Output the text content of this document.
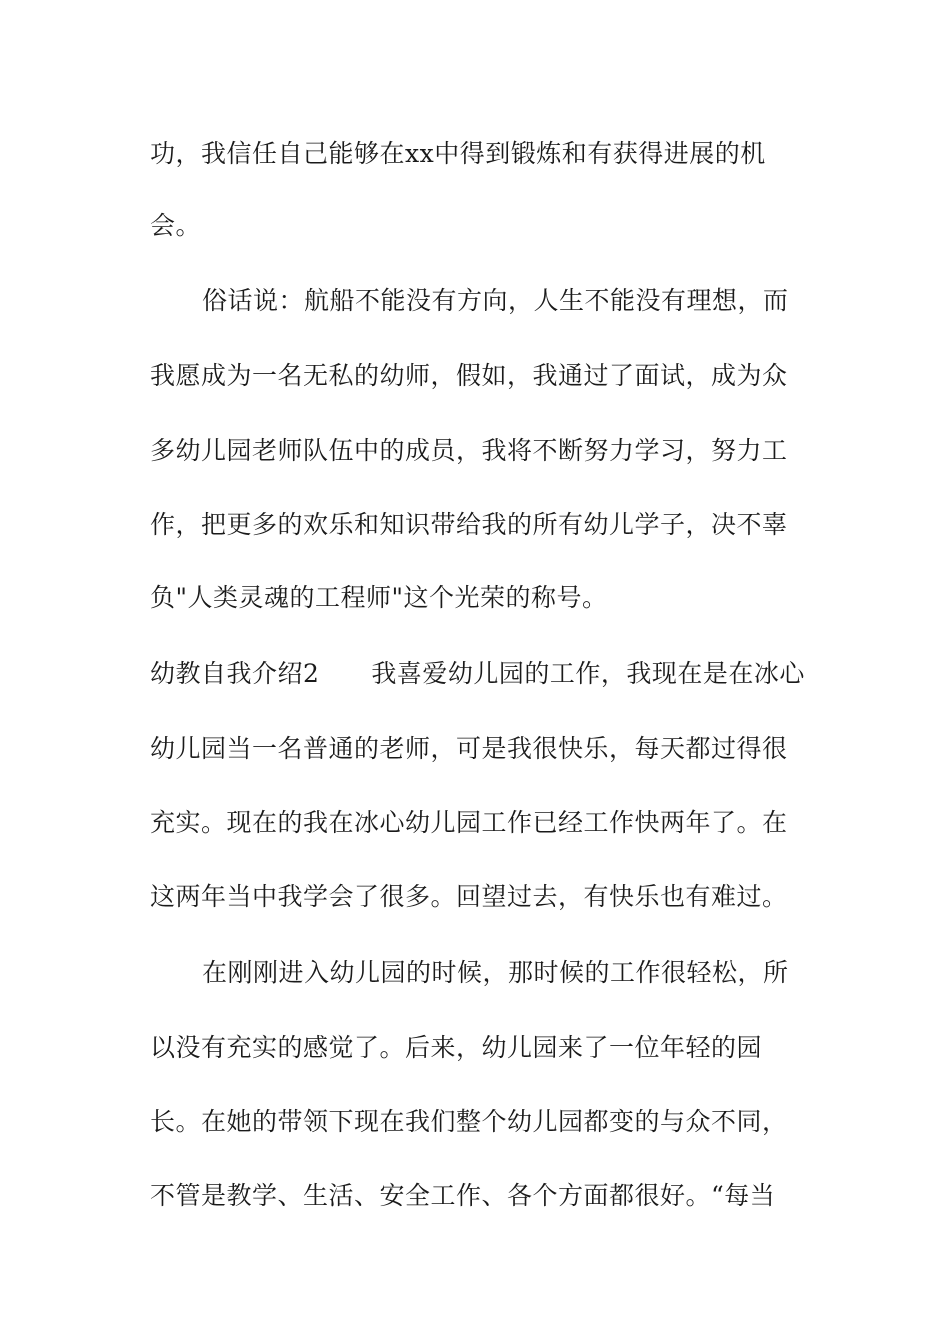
功，我信任自己能够在xx中得到锻炼和有获得进展的机
会。
俗话说：航船不能没有方向，人生不能没有理想，而
我愿成为一名无私的幼师，假如，我通过了面试，成为众
多幼儿园老师队伍中的成员，我将不断努力学习，努力工
作，把更多的欢乐和知识带给我的所有幼儿学子，决不辜
负"人类灵魂的工程师"这个光荣的称号。
幼教自我介绍2 我喜爱幼儿园的工作，我现在是在冰心
幼儿园当一名普通的老师，可是我很快乐，每天都过得很
充实。现在的我在冰心幼儿园工作已经工作快两年了。在
这两年当中我学会了很多。回望过去，有快乐也有难过。
在刚刚进入幼儿园的时候，那时候的工作很轻松，所
以没有充实的感觉了。后来，幼儿园来了一位年轻的园
长。在她的带领下现在我们整个幼儿园都变的与众不同，
不管是教学、生活、安全工作、各个方面都很好。“每当
